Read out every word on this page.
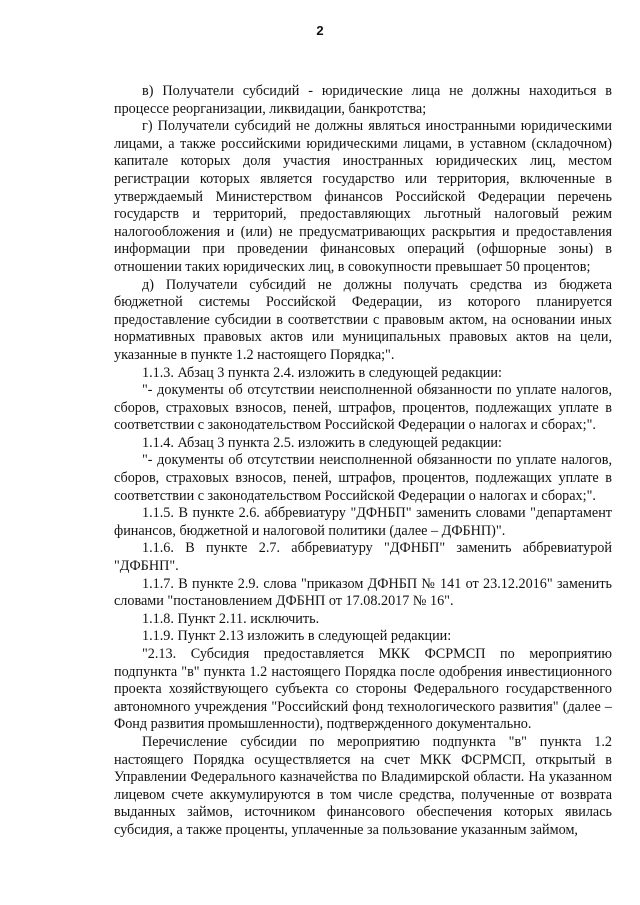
2

в) Получатели субсидий - юридические лица не должны находиться в процессе реорганизации, ликвидации, банкротства;

г) Получатели субсидий не должны являться иностранными юридическими лицами, а также российскими юридическими лицами, в уставном (складочном) капитале которых доля участия иностранных юридических лиц, местом регистрации которых является государство или территория, включенные в утверждаемый Министерством финансов Российской Федерации перечень государств и территорий, предоставляющих льготный налоговый режим налогообложения и (или) не предусматривающих раскрытия и предоставления информации при проведении финансовых операций (офшорные зоны) в отношении таких юридических лиц, в совокупности превышает 50 процентов;

д) Получатели субсидий не должны получать средства из бюджета бюджетной системы Российской Федерации, из которого планируется предоставление субсидии в соответствии с правовым актом, на основании иных нормативных правовых актов или муниципальных правовых актов на цели, указанные в пункте 1.2 настоящего Порядка;".

1.1.3. Абзац 3 пункта 2.4. изложить в следующей редакции:

"- документы об отсутствии неисполненной обязанности по уплате налогов, сборов, страховых взносов, пеней, штрафов, процентов, подлежащих уплате в соответствии с законодательством Российской Федерации о налогах и сборах;".

1.1.4. Абзац 3 пункта 2.5. изложить в следующей редакции:

"- документы об отсутствии неисполненной обязанности по уплате налогов, сборов, страховых взносов, пеней, штрафов, процентов, подлежащих уплате в соответствии с законодательством Российской Федерации о налогах и сборах;".

1.1.5. В пункте 2.6. аббревиатуру "ДФНБП" заменить словами "департамент финансов, бюджетной и налоговой политики (далее – ДФБНП)".

1.1.6. В пункте 2.7. аббревиатуру "ДФНБП" заменить аббревиатурой "ДФБНП".

1.1.7. В пункте 2.9. слова "приказом ДФНБП № 141 от 23.12.2016" заменить словами "постановлением ДФБНП от 17.08.2017 № 16".

1.1.8. Пункт 2.11. исключить.

1.1.9. Пункт 2.13 изложить в следующей редакции:

"2.13. Субсидия предоставляется МКК ФСРМСП по мероприятию подпункта "в" пункта 1.2 настоящего Порядка после одобрения инвестиционного проекта хозяйствующего субъекта со стороны Федерального государственного автономного учреждения "Российский фонд технологического развития" (далее – Фонд развития промышленности), подтвержденного документально.

Перечисление субсидии по мероприятию подпункта "в" пункта 1.2 настоящего Порядка осуществляется на счет МКК ФСРМСП, открытый в Управлении Федерального казначейства по Владимирской области. На указанном лицевом счете аккумулируются в том числе средства, полученные от возврата выданных займов, источником финансового обеспечения которых явилась субсидия, а также проценты, уплаченные за пользование указанным займом,
